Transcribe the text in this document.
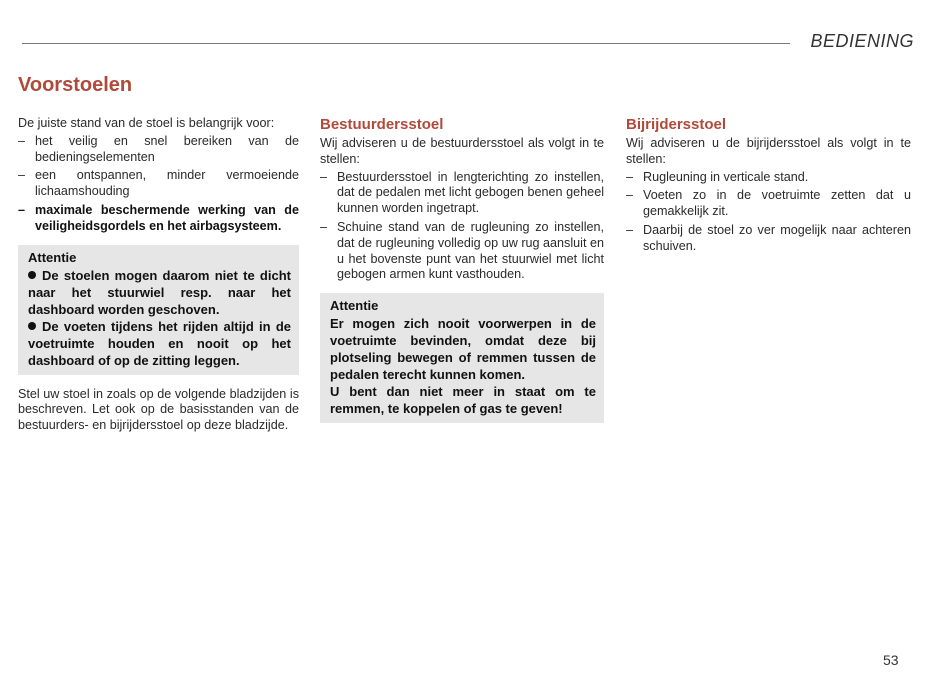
BEDIENING
Voorstoelen

De juiste stand van de stoel is belangrijk voor:

– het veilig en snel bereiken van de bedieningselementen
– een ontspannen, minder vermoeiende lichaamshouding
– maximale beschermende werking van de veiligheidsgordels en het airbagsysteem.
Attentie

De stoelen mogen daarom niet te dicht naar het stuurwiel resp. naar het dashboard worden geschoven.

De voeten tijdens het rijden altijd in de voetruimte houden en nooit op het dashboard of op de zitting leggen.

Stel uw stoel in zoals op de volgende bladzijden is beschreven. Let ook op de basisstanden van de bestuurders- en bijrijdersstoel op deze bladzijde.

Bestuurdersstoel

Wij adviseren u de bestuurdersstoel als volgt in te stellen:

– Bestuurdersstoel in lengterichting zo instellen, dat de pedalen met licht gebogen benen geheel kunnen worden ingetrapt.
– Schuine stand van de rugleuning zo instellen, dat de rugleuning volledig op uw rug aansluit en u het bovenste punt van het stuurwiel met licht gebogen armen kunt vasthouden.
Attentie

Er mogen zich nooit voorwerpen in de voetruimte bevinden, omdat deze bij plotseling bewegen of remmen tussen de pedalen terecht kunnen komen.

U bent dan niet meer in staat om te remmen, te koppelen of gas te geven!

Bijrijdersstoel

Wij adviseren u de bijrijdersstoel als volgt in te stellen:

– Rugleuning in verticale stand.
– Voeten zo in de voetruimte zetten dat u gemakkelijk zit.
– Daarbij de stoel zo ver mogelijk naar achteren schuiven.
53
